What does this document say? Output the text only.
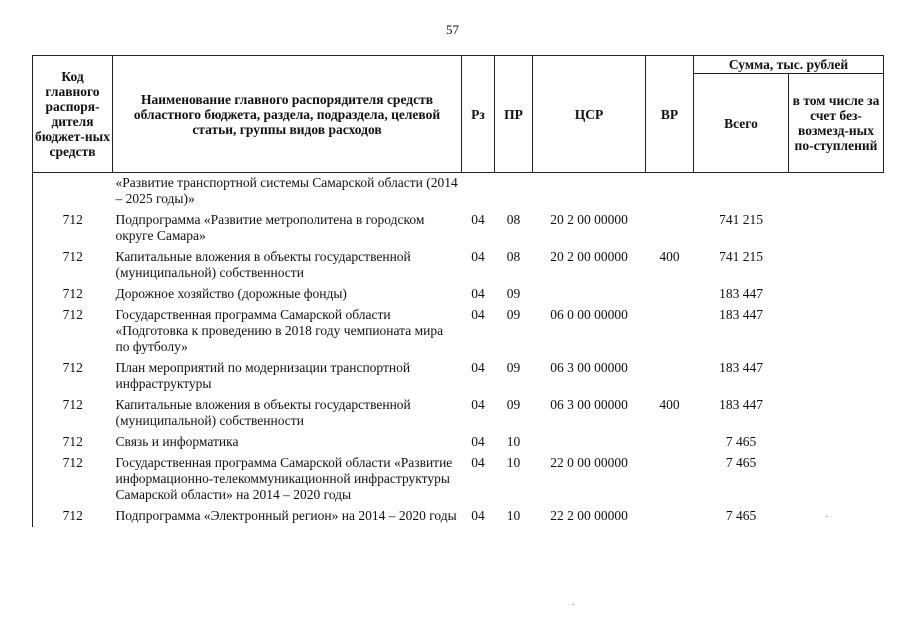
57
Код главного распоря-дителя бюджет-ных средств	Наименование главного распорядителя средств областного бюджета, раздела, подраздела, целевой статьи, группы видов расходов	Рз	ПР	ЦСР	ВР	Сумма, тыс. рублей	
						Всего	в том числе за счет без-возмезд-ных по-ступлений
	«Развитие транспортной системы Самарской области (2014 – 2025 годы)»						
712	Подпрограмма «Развитие метрополитена в городском округе Самара»	04	08	20 2 00 00000		741 215	
712	Капитальные вложения в объекты государственной (муниципальной) собственности	04	08	20 2 00 00000	400	741 215	
712	Дорожное хозяйство (дорожные фонды)	04	09			183 447	
712	Государственная программа Самарской области «Подготовка к проведению в 2018 году чемпионата мира по футболу»	04	09	06 0 00 00000		183 447	
712	План мероприятий по модернизации транспортной инфраструктуры	04	09	06 3 00 00000		183 447	
712	Капитальные вложения в объекты государственной (муниципальной) собственности	04	09	06 3 00 00000	400	183 447	
712	Связь и информатика	04	10			7 465	
712	Государственная программа Самарской области «Развитие информационно-телекоммуникационной инфраструктуры Самарской области» на 2014 – 2020 годы	04	10	22 0 00 00000		7 465	
712	Подпрограмма «Электронный регион» на 2014 – 2020 годы	04	10	22 2 00 00000		7 465	
